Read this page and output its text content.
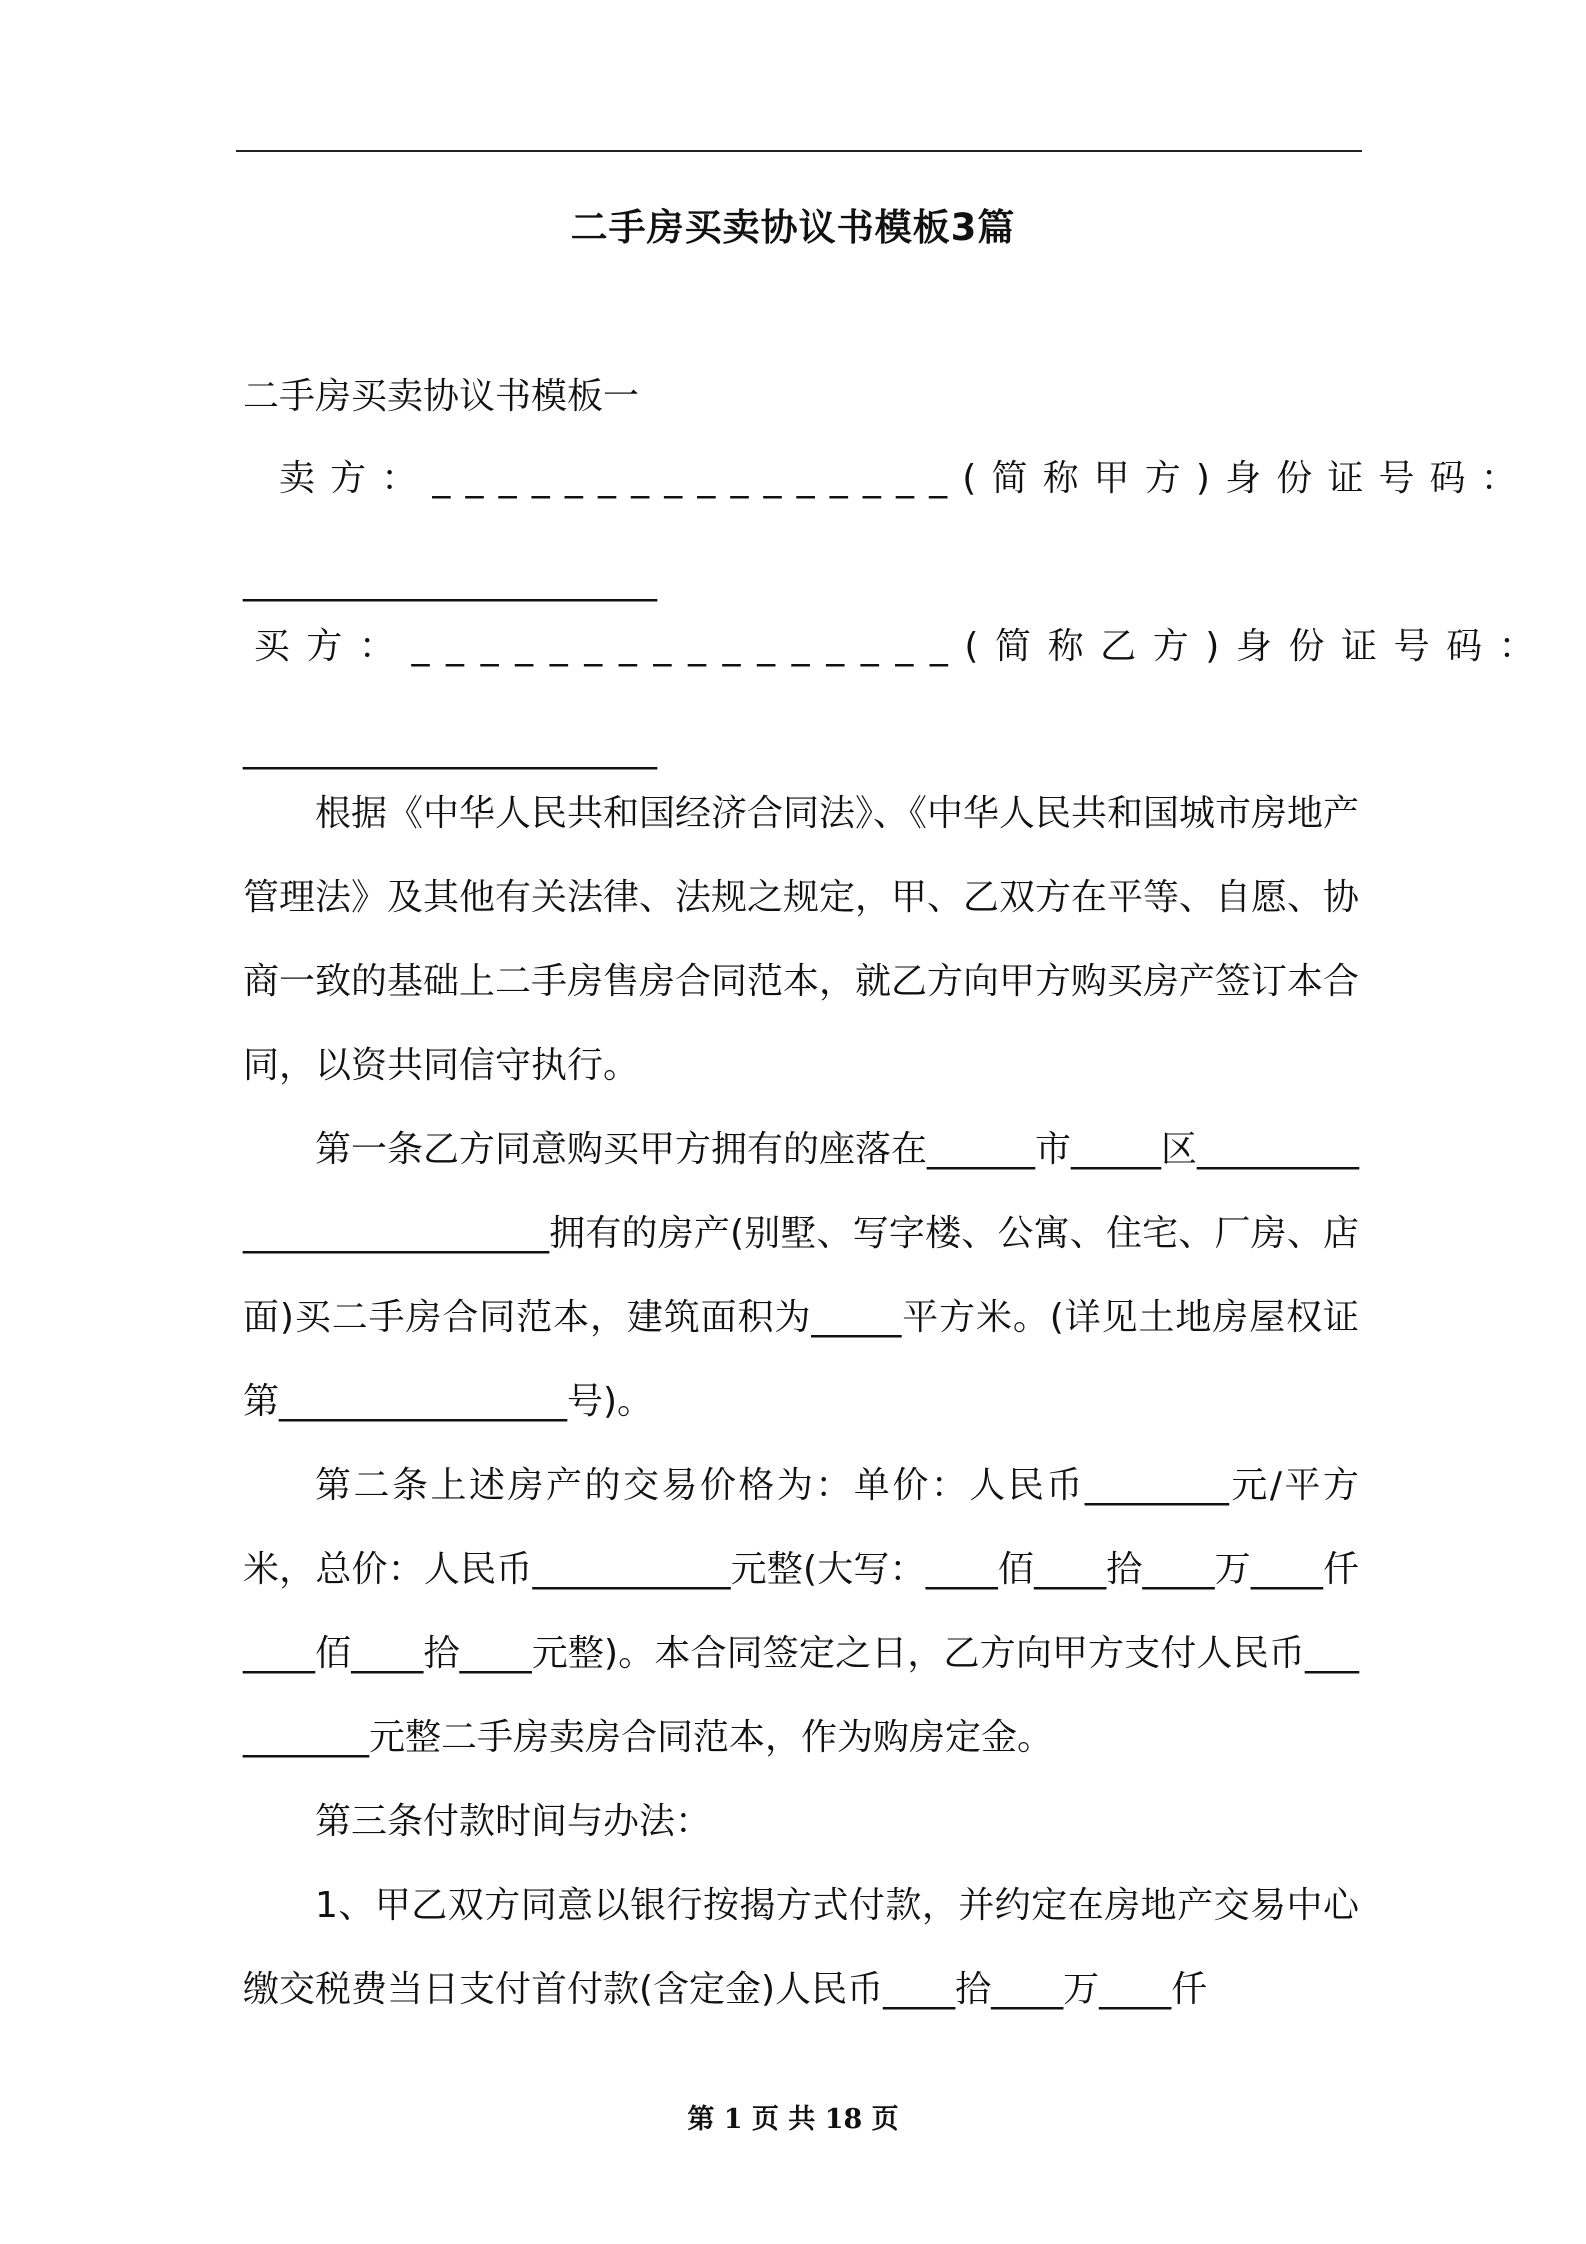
二手房买卖协议书模板3篇
二手房买卖协议书模板一
卖方：________________(简称甲方)身份证号码：
_______________________
买方：________________(简称乙方)身份证号码：
_______________________

根据《中华人民共和国经济合同法》、《中华人民共和国城市房地产管理法》及其他有关法律、法规之规定，甲、乙双方在平等、自愿、协商一致的基础上二手房售房合同范本，就乙方向甲方购买房产签订本合同，以资共同信守执行。

第一条乙方同意购买甲方拥有的座落在______市_____区__________________________拥有的房产(别墅、写字楼、公寓、住宅、厂房、店面)买二手房合同范本，建筑面积为_____平方米。(详见土地房屋权证第________________号)。

第二条上述房产的交易价格为：单价：人民币________元/平方米，总价：人民币___________元整(大写：____佰____拾____万____仟____佰____拾____元整)。本合同签定之日，乙方向甲方支付人民币__________元整二手房卖房合同范本，作为购房定金。

第三条付款时间与办法：

1、甲乙双方同意以银行按揭方式付款，并约定在房地产交易中心缴交税费当日支付首付款(含定金)人民币____拾____万____仟

第 1 页 共 18 页
